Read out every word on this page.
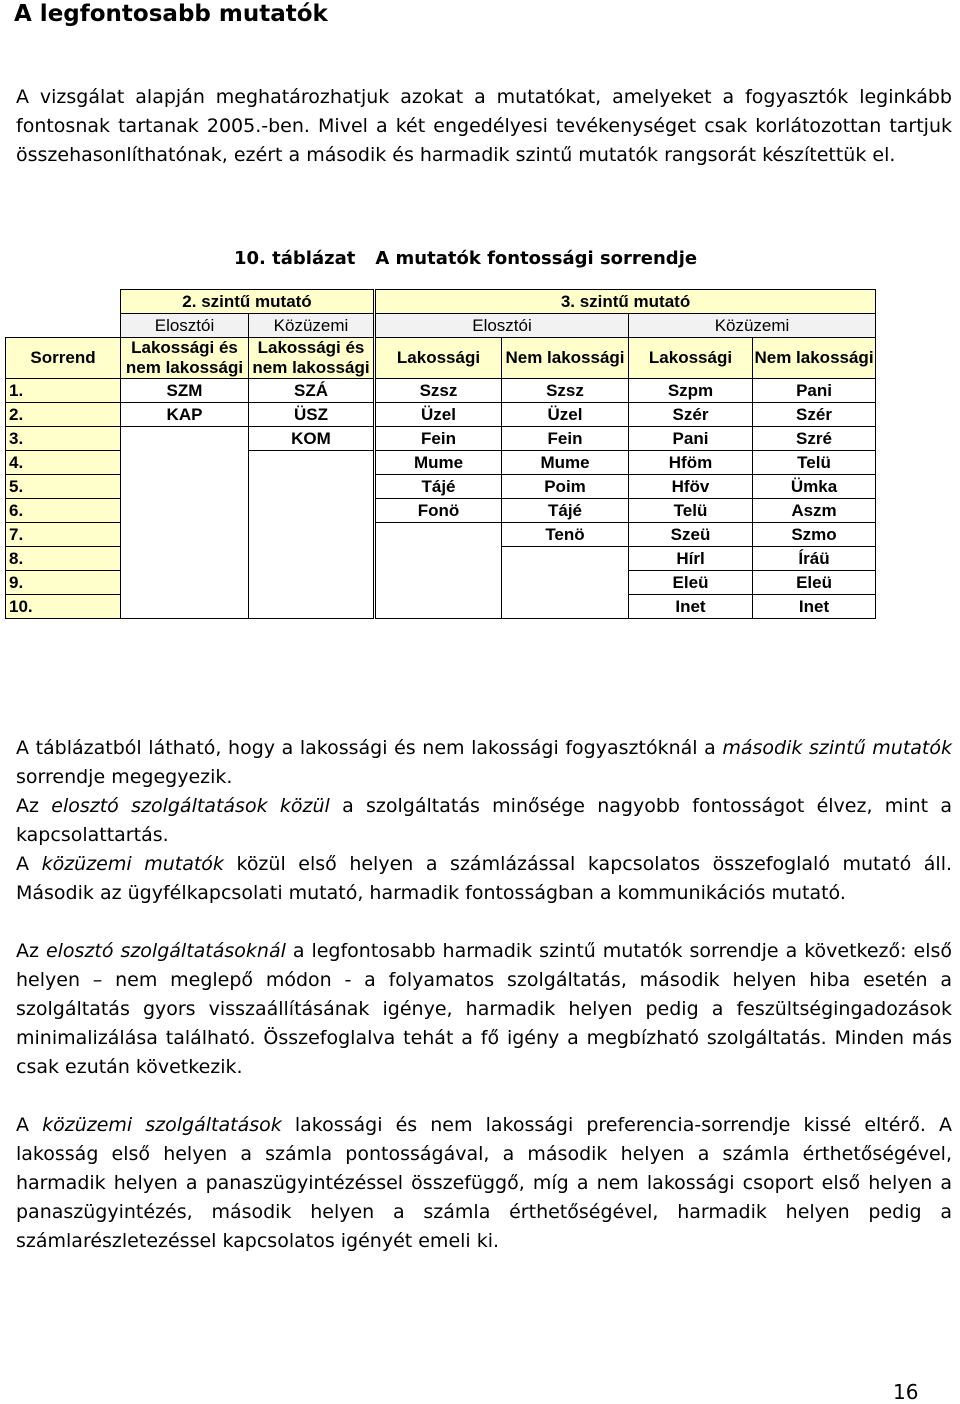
A legfontosabb mutatók

A vizsgálat alapján meghatározhatjuk azokat a mutatókat, amelyeket a fogyasztók leginkább fontosnak tartanak 2005.-ben. Mivel a két engedélyesi tevékenységet csak korlátozottan tartjuk összehasonlíthatónak, ezért a második és harmadik szintű mutatók rangsorát készítettük el.

10. táblázat A mutatók fontossági sorrendje
	2. szintű mutató		3. szintű mutató			
	Elosztói	Közüzemi	Elosztói		Közüzemi	
Sorrend	Lakossági és nem lakossági	Lakossági és nem lakossági	Lakossági	Nem lakossági	Lakossági	Nem lakossági
1.	SZM	SZÁ	Szsz	Szsz	Szpm	Pani
2.	KAP	ÜSZ	Üzel	Üzel	Szér	Szér
3.		KOM	Fein	Fein	Pani	Szré
4.			Mume	Mume	Hföm	Telü
5.			Tájé	Poim	Hföv	Ümka
6.			Fonö	Tájé	Telü	Aszm
7.				Tenö	Szeü	Szmo
8.					Hírl	Íráü
9.					Eleü	Eleü
10.					Inet	Inet

A táblázatból látható, hogy a lakossági és nem lakossági fogyasztóknál a második szintű mutatók sorrendje megegyezik.

Az elosztó szolgáltatások közül a szolgáltatás minősége nagyobb fontosságot élvez, mint a kapcsolattartás.

A közüzemi mutatók közül első helyen a számlázással kapcsolatos összefoglaló mutató áll. Második az ügyfélkapcsolati mutató, harmadik fontosságban a kommunikációs mutató.

Az elosztó szolgáltatásoknál a legfontosabb harmadik szintű mutatók sorrendje a következő: első helyen – nem meglepő módon - a folyamatos szolgáltatás, második helyen hiba esetén a szolgáltatás gyors visszaállításának igénye, harmadik helyen pedig a feszültségingadozások minimalizálása található. Összefoglalva tehát a fő igény a megbízható szolgáltatás. Minden más csak ezután következik.

A közüzemi szolgáltatások lakossági és nem lakossági preferencia-sorrendje kissé eltérő. A lakosság első helyen a számla pontosságával, a második helyen a számla érthetőségével, harmadik helyen a panaszügyintézéssel összefüggő, míg a nem lakossági csoport első helyen a panaszügyintézés, második helyen a számla érthetőségével, harmadik helyen pedig a számlarészletezéssel kapcsolatos igényét emeli ki.

16
